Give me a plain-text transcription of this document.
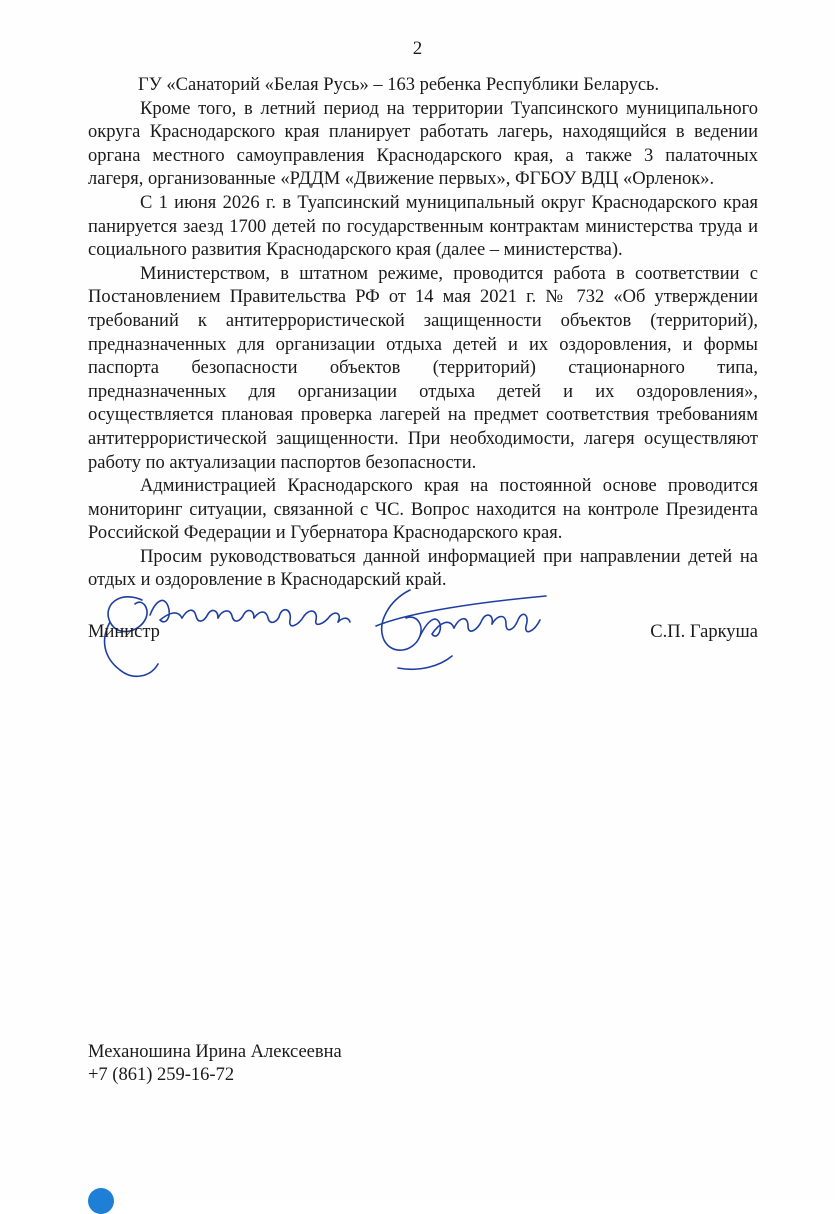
2

ГУ «Санаторий «Белая Русь» – 163 ребенка Республики Беларусь.

Кроме того, в летний период на территории Туапсинского муниципального округа Краснодарского края планирует работать лагерь, находящийся в ведении органа местного самоуправления Краснодарского края, а также 3 палаточных лагеря, организованные «РДДМ «Движение первых», ФГБОУ ВДЦ «Орленок».

С 1 июня 2026 г. в Туапсинский муниципальный округ Краснодарского края панируется заезд 1700 детей по государственным контрактам министерства труда и социального развития Краснодарского края (далее – министерства).

Министерством, в штатном режиме, проводится работа в соответствии с Постановлением Правительства РФ от 14 мая 2021 г. № 732 «Об утверждении требований к антитеррористической защищенности объектов (территорий), предназначенных для организации отдыха детей и их оздоровления, и формы паспорта безопасности объектов (территорий) стационарного типа, предназначенных для организации отдыха детей и их оздоровления», осуществляется плановая проверка лагерей на предмет соответствия требованиям антитеррористической защищенности. При необходимости, лагеря осуществляют работу по актуализации паспортов безопасности.

Администрацией Краснодарского края на постоянной основе проводится мониторинг ситуации, связанной с ЧС. Вопрос находится на контроле Президента Российской Федерации и Губернатора Краснодарского края.

Просим руководствоваться данной информацией при направлении детей на отдых и оздоровление в Краснодарский край.

Министр	С.П. Гаркуша
Механошина Ирина Алексеевна
+7 (861) 259-16-72
